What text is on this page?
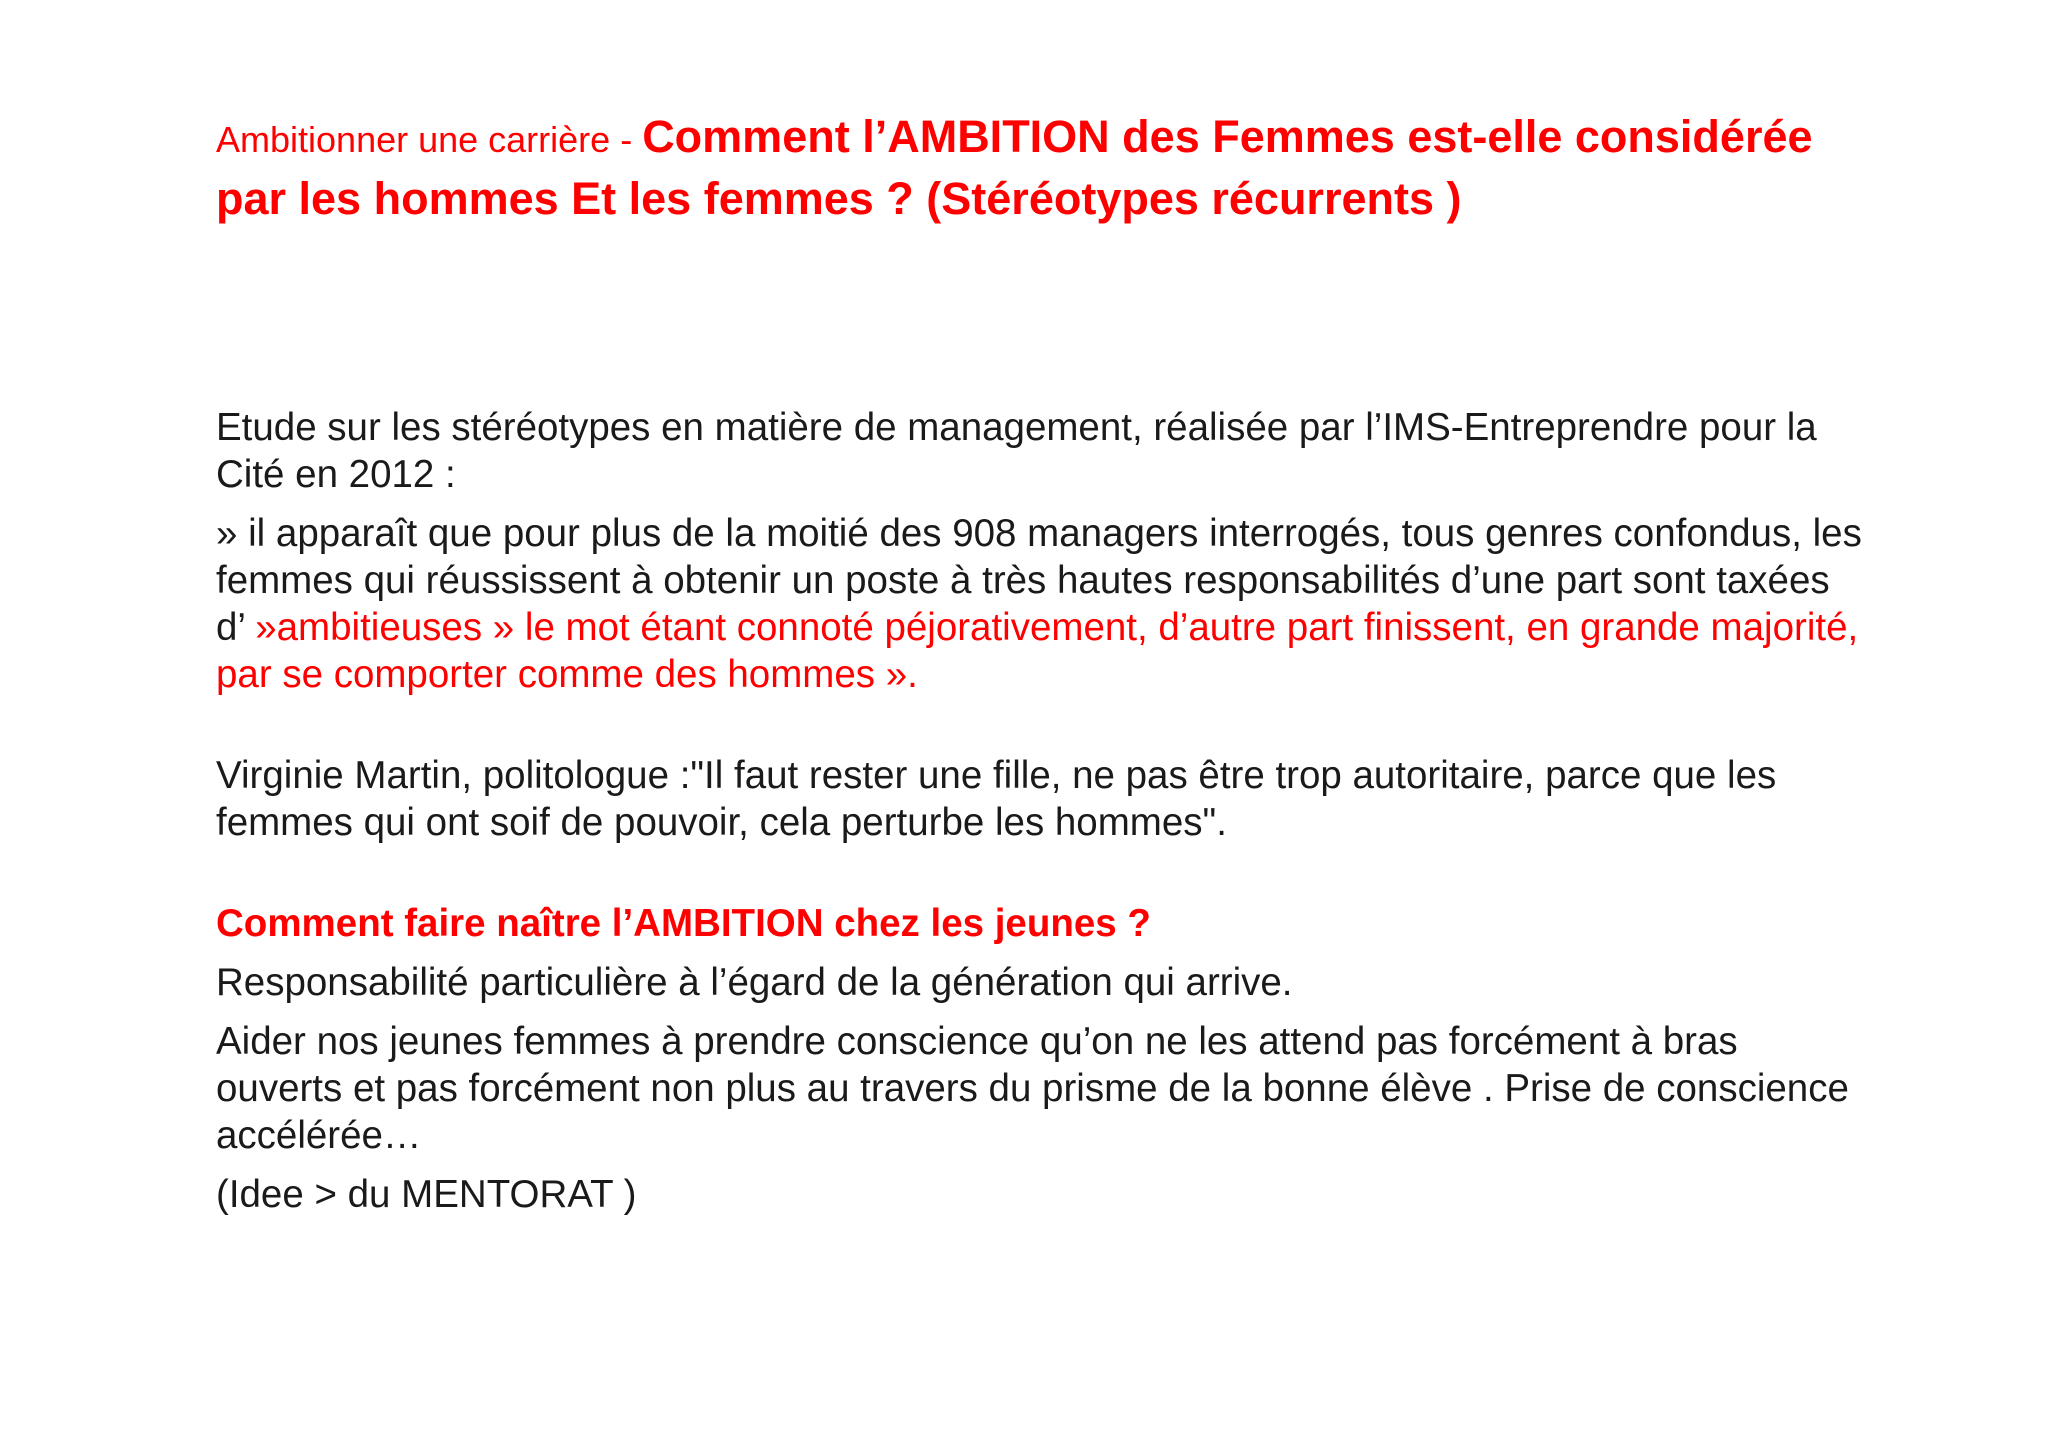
Ambitionner une carrière - Comment l’AMBITION des Femmes est-elle considérée par les hommes Et les femmes ? (Stéréotypes récurrents )

Etude sur les stéréotypes en matière de management, réalisée par l’IMS-Entreprendre pour la Cité en 2012 :

» il apparaît que pour plus de la moitié des 908 managers interrogés, tous genres confondus, les femmes qui réussissent à obtenir un poste à très hautes responsabilités d’une part sont taxées d’ »ambitieuses » le mot étant connoté péjorativement, d’autre part finissent, en grande majorité, par se comporter comme des hommes ».

Virginie Martin, politologue :"Il faut rester une fille, ne pas être trop autoritaire, parce que les femmes qui ont soif de pouvoir, cela perturbe les hommes".

Comment faire naître l’AMBITION chez les jeunes ?

Responsabilité particulière à l’égard de la génération qui arrive.

Aider nos jeunes femmes à prendre conscience qu’on ne les attend pas forcément à bras ouverts et pas forcément non plus au travers du prisme de la bonne élève . Prise de conscience accélérée…

(Idee > du MENTORAT )
